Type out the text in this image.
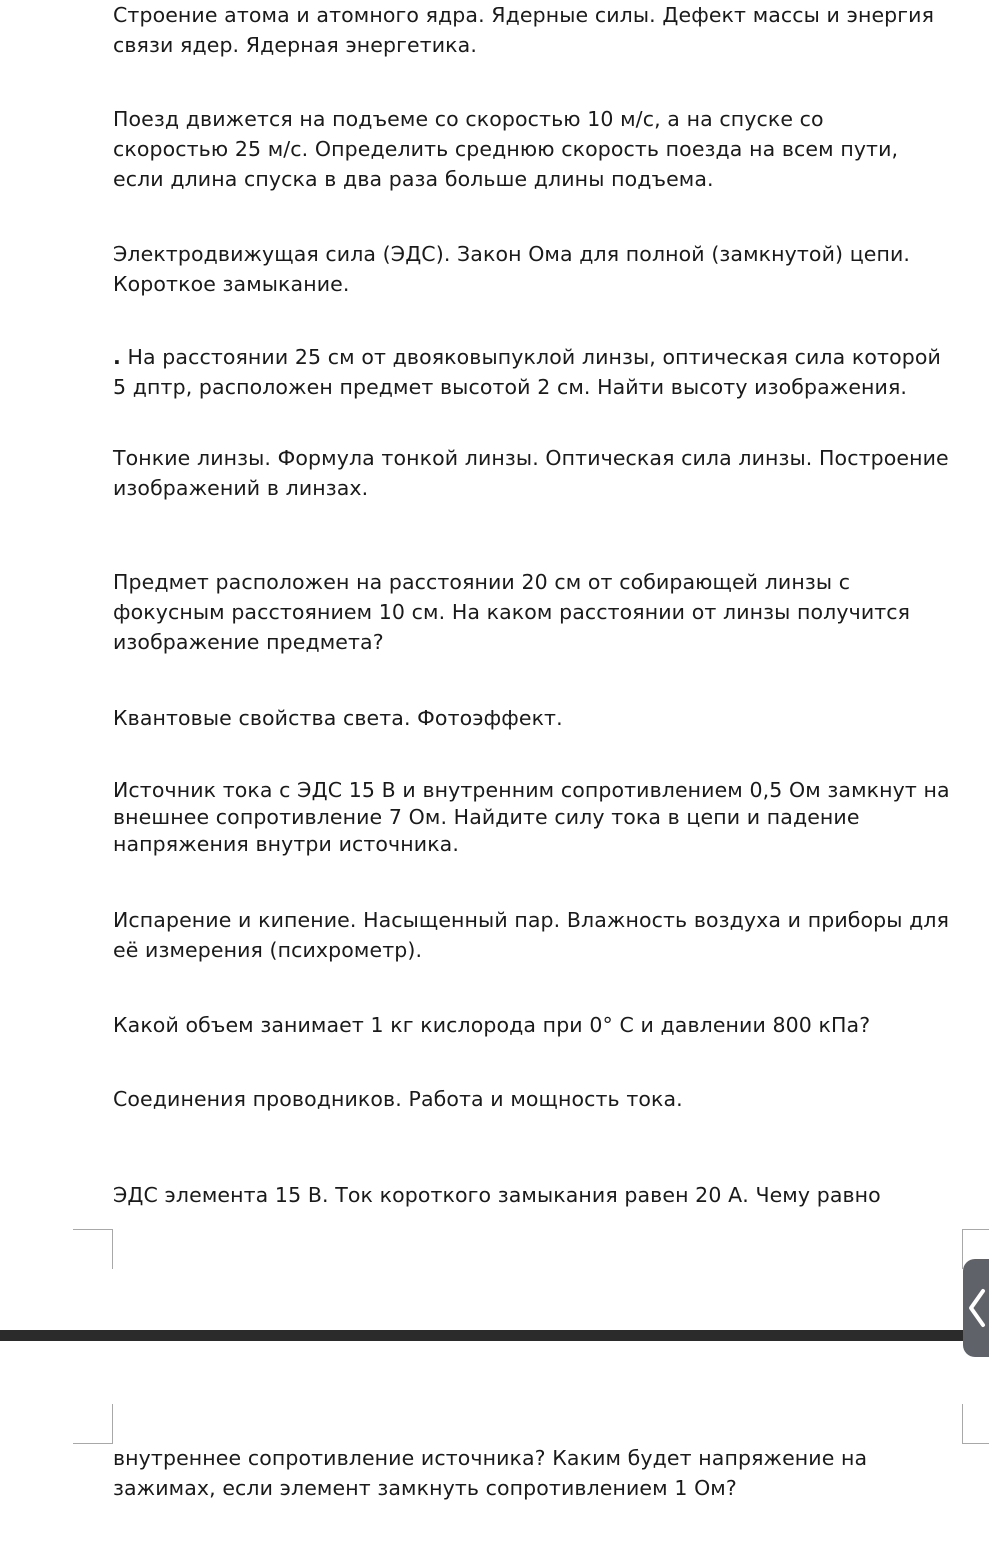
Строение атома и атомного ядра. Ядерные силы. Дефект массы и энергия
связи ядер. Ядерная энергетика.

Поезд движется на подъеме со скоростью 10 м/с, а на спуске со
скоростью 25 м/с. Определить среднюю скорость поезда на всем пути,
если длина спуска в два раза больше длины подъема.

Электродвижущая сила (ЭДС). Закон Ома для полной (замкнутой) цепи.
Короткое замыкание.

. На расстоянии 25 см от двояковыпуклой линзы, оптическая сила которой
5 дптр, расположен предмет высотой 2 см. Найти высоту изображения.

Тонкие линзы. Формула тонкой линзы. Оптическая сила линзы. Построение
изображений в линзах.

Предмет расположен на расстоянии 20 см от собирающей линзы с
фокусным расстоянием 10 см. На каком расстоянии от линзы получится
изображение предмета?

Квантовые свойства света. Фотоэффект.

Источник тока с ЭДС 15 В и внутренним сопротивлением 0,5 Ом замкнут на
внешнее сопротивление 7 Ом. Найдите силу тока в цепи и падение
напряжения внутри источника.

Испарение и кипение. Насыщенный пар. Влажность воздуха и приборы для
её измерения (психрометр).

Какой объем занимает 1 кг кислорода при 0° С и давлении 800 кПа?

Соединения проводников. Работа и мощность тока.

ЭДС элемента 15 В. Ток короткого замыкания равен 20 А. Чему равно

внутреннее сопротивление источника? Каким будет напряжение на
зажимах, если элемент замкнуть сопротивлением 1 Ом?
